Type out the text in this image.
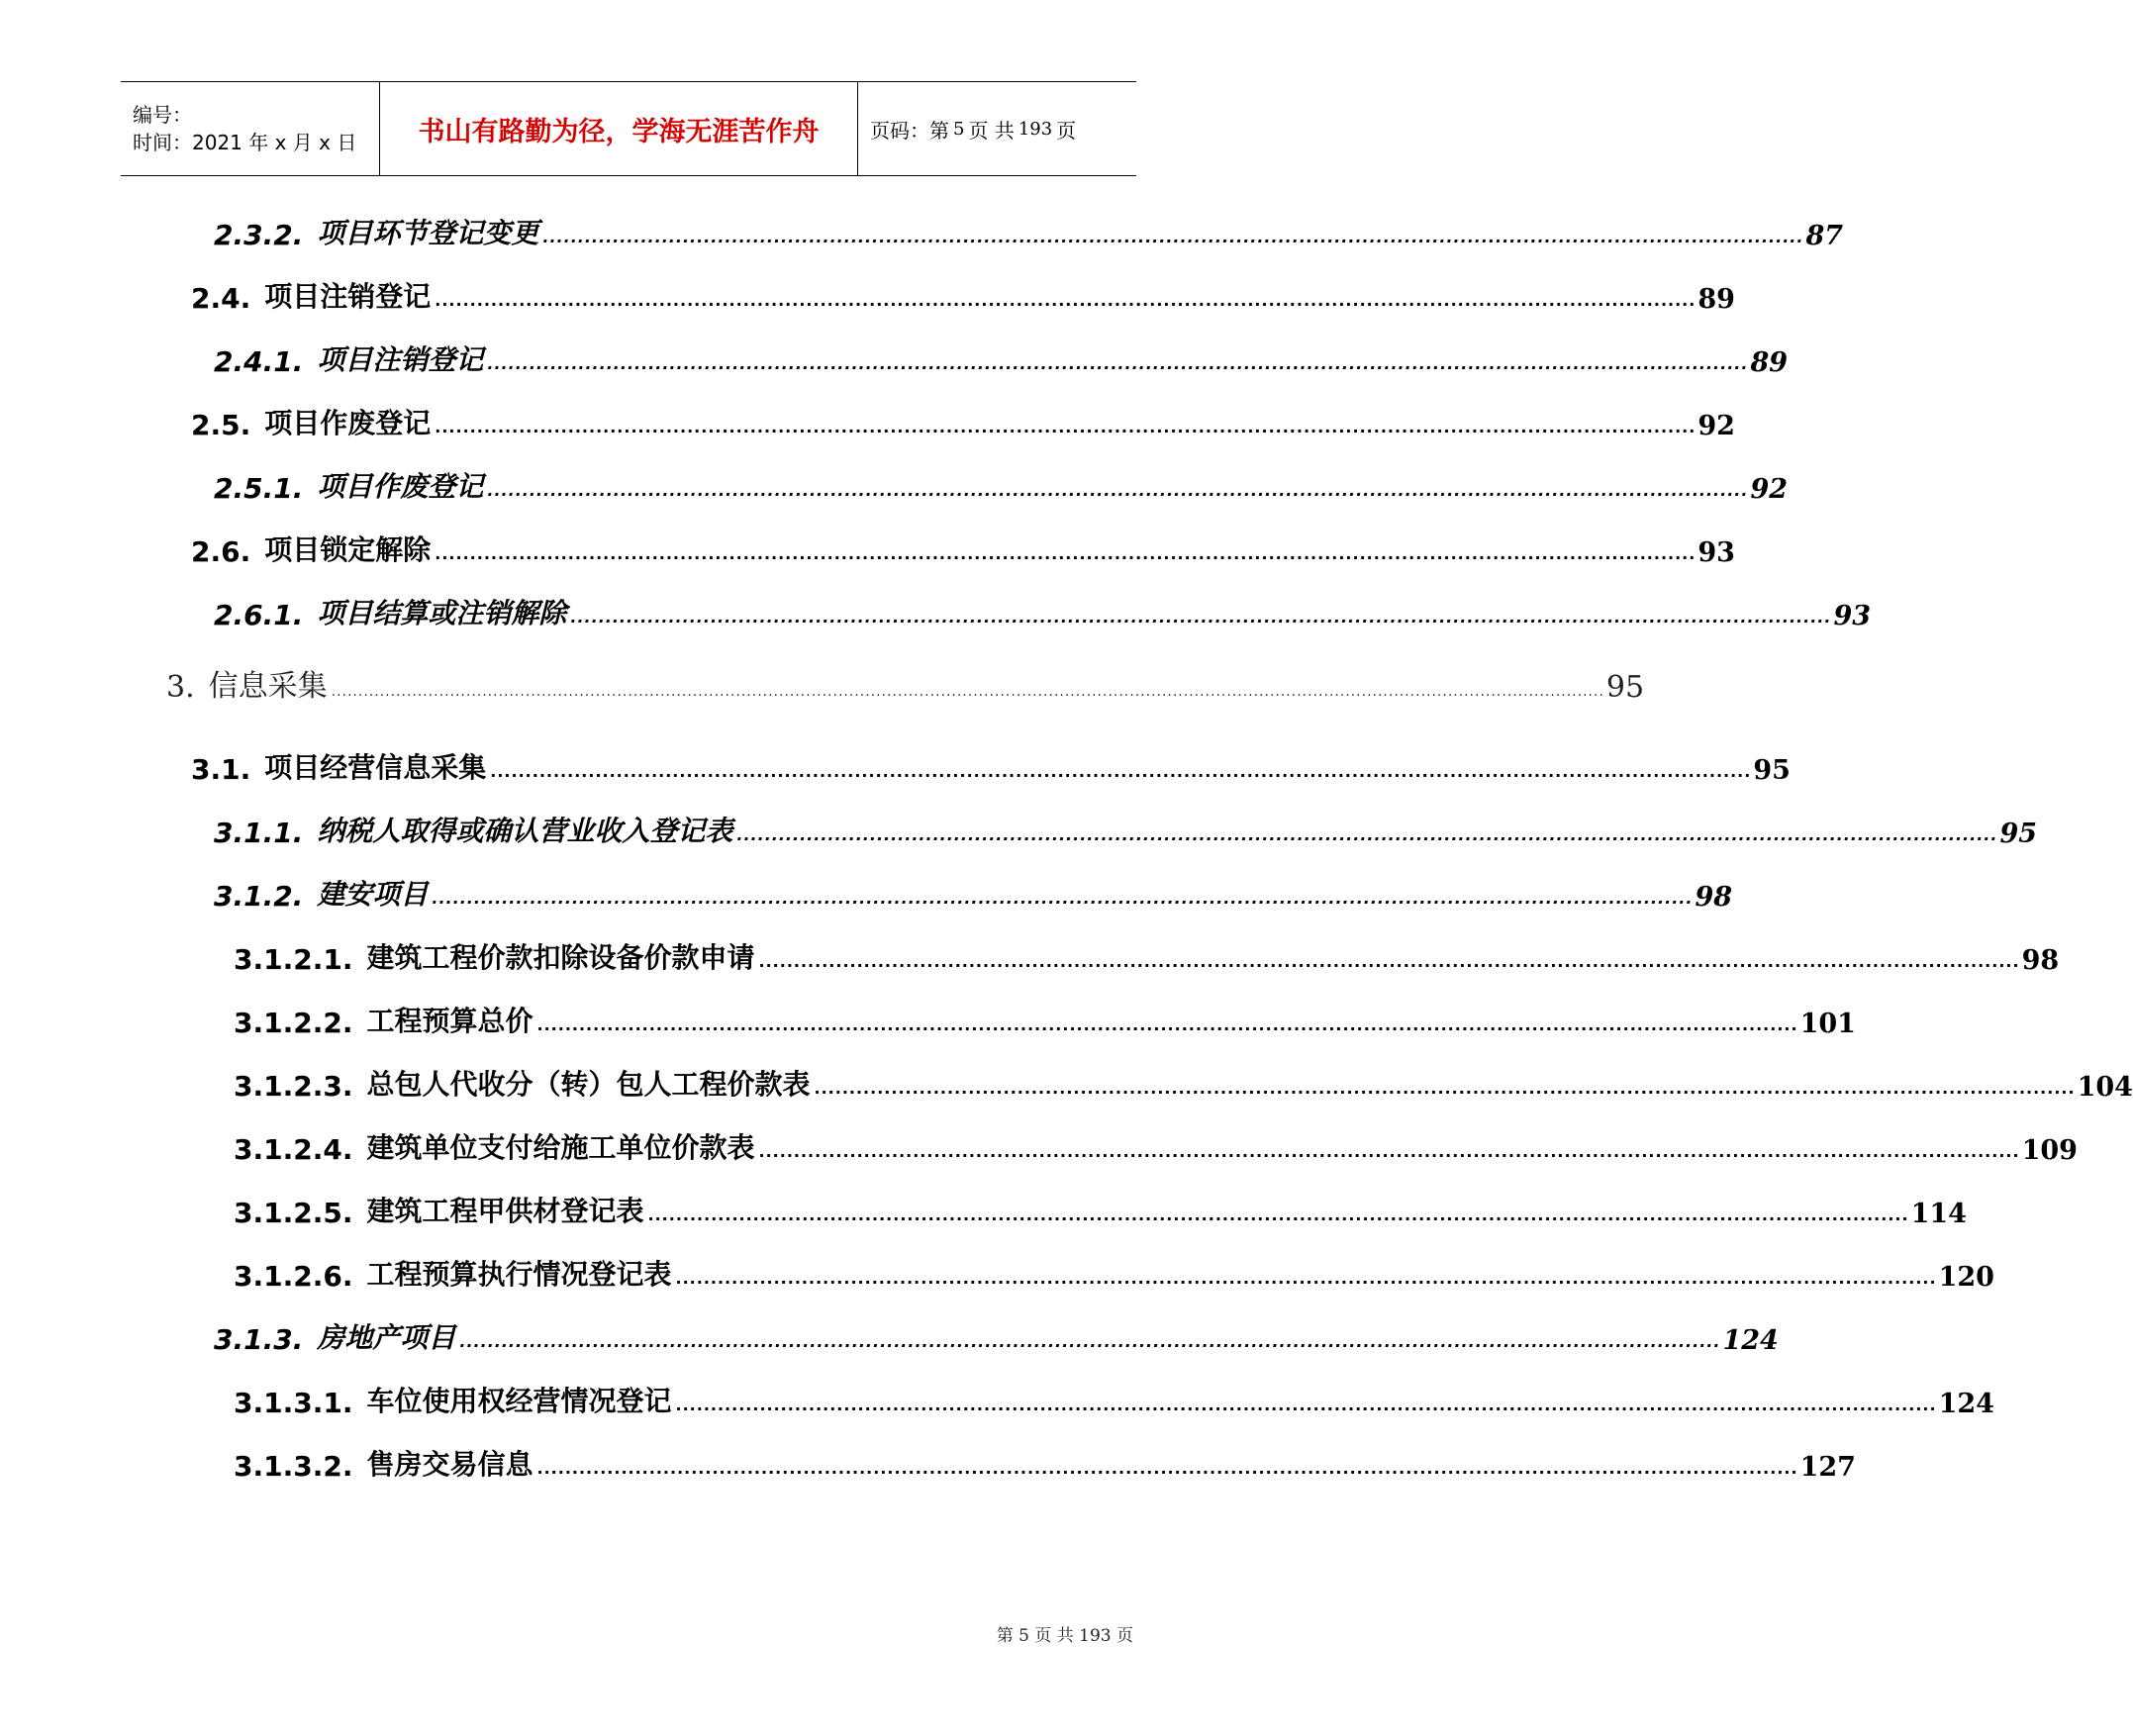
编号：
时间：2021 年 x 月 x 日	书山有路勤为径，学海无涯苦作舟	页码：第 5 页 共 193 页
2.3.2. 项目环节登记变更 .................................................................................................................................................................................... 87
2.4. 项目注销登记 .................................................................................................................................................................................... 89
2.4.1. 项目注销登记 .................................................................................................................................................................................... 89
2.5. 项目作废登记 .................................................................................................................................................................................... 92
2.5.1. 项目作废登记 .................................................................................................................................................................................... 92
2.6. 项目锁定解除 .................................................................................................................................................................................... 93
2.6.1. 项目结算或注销解除 .................................................................................................................................................................................... 93
3. 信息采集 ............................................................................................................................................................................................................................................ 95
3.1. 项目经营信息采集 .................................................................................................................................................................................... 95
3.1.1. 纳税人取得或确认营业收入登记表 .................................................................................................................................................................................... 95
3.1.2. 建安项目 .................................................................................................................................................................................... 98
3.1.2.1. 建筑工程价款扣除设备价款申请 .................................................................................................................................................................................... 98
3.1.2.2. 工程预算总价 .................................................................................................................................................................................... 101
3.1.2.3. 总包人代收分（转）包人工程价款表 .................................................................................................................................................................................... 104
3.1.2.4. 建筑单位支付给施工单位价款表 .................................................................................................................................................................................... 109
3.1.2.5. 建筑工程甲供材登记表 .................................................................................................................................................................................... 114
3.1.2.6. 工程预算执行情况登记表 .................................................................................................................................................................................... 120
3.1.3. 房地产项目 .................................................................................................................................................................................... 124
3.1.3.1. 车位使用权经营情况登记 .................................................................................................................................................................................... 124
3.1.3.2. 售房交易信息 .................................................................................................................................................................................... 127
第 5 页 共 193 页
